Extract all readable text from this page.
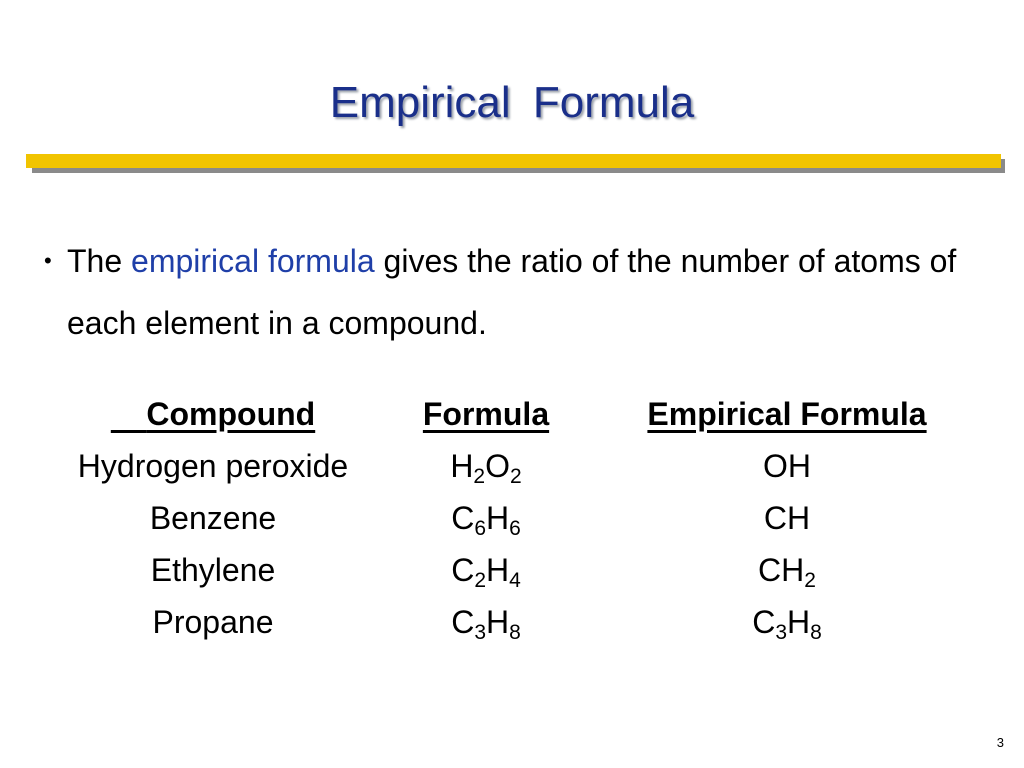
Empirical Formula
• The empirical formula gives the ratio of the number of atoms of each element in a compound.
Compound	Formula	Empirical Formula
Hydrogen peroxide	$H_2O_2$	OH
Benzene	$C_6H_6$	CH
Ethylene	$C_2H_4$	$CH_2$
Propane	$C_3H_8$	$C_3H_8$
3
